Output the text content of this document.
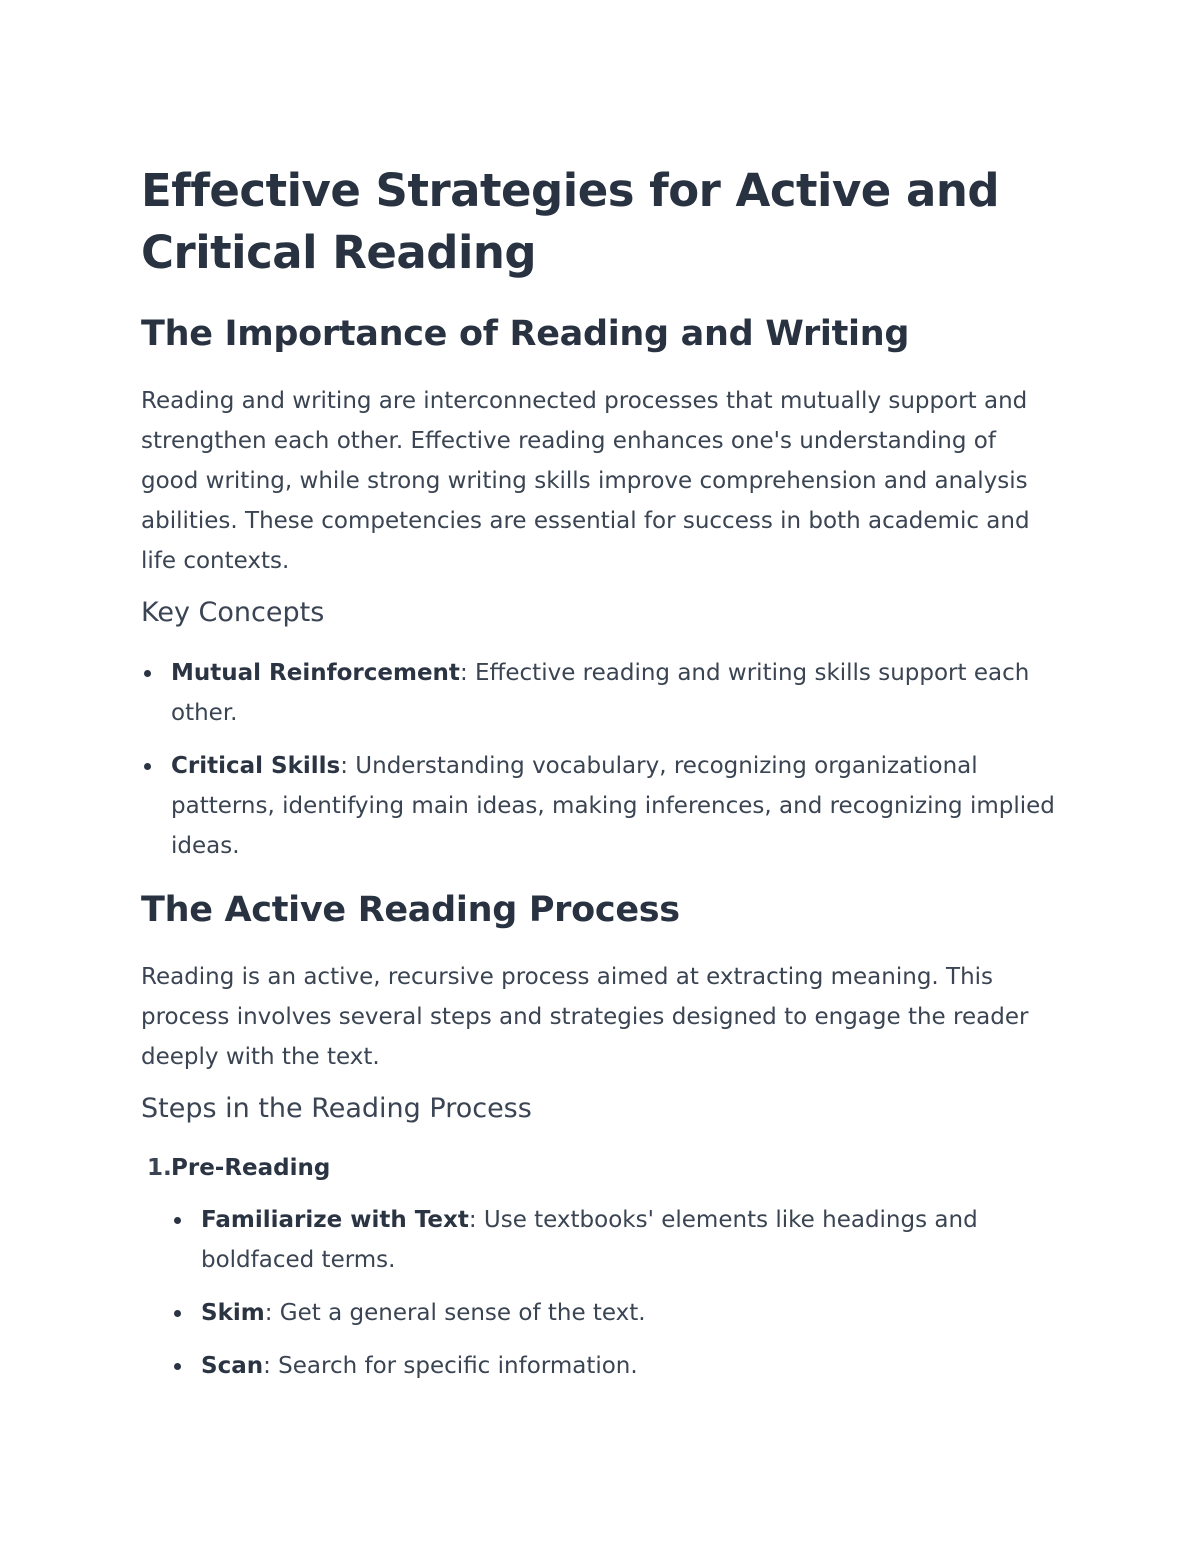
Effective Strategies for Active and Critical Reading
The Importance of Reading and Writing

Reading and writing are interconnected processes that mutually support and strengthen each other. Effective reading enhances one's understanding of good writing, while strong writing skills improve comprehension and analysis abilities. These competencies are essential for success in both academic and life contexts.

Key Concepts
Mutual Reinforcement: Effective reading and writing skills support each other.
Critical Skills: Understanding vocabulary, recognizing organizational patterns, identifying main ideas, making inferences, and recognizing implied ideas.
The Active Reading Process

Reading is an active, recursive process aimed at extracting meaning. This process involves several steps and strategies designed to engage the reader deeply with the text.

Steps in the Reading Process
1. Pre-Reading
Familiarize with Text: Use textbooks' elements like headings and boldfaced terms.
Skim: Get a general sense of the text.
Scan: Search for specific information.
